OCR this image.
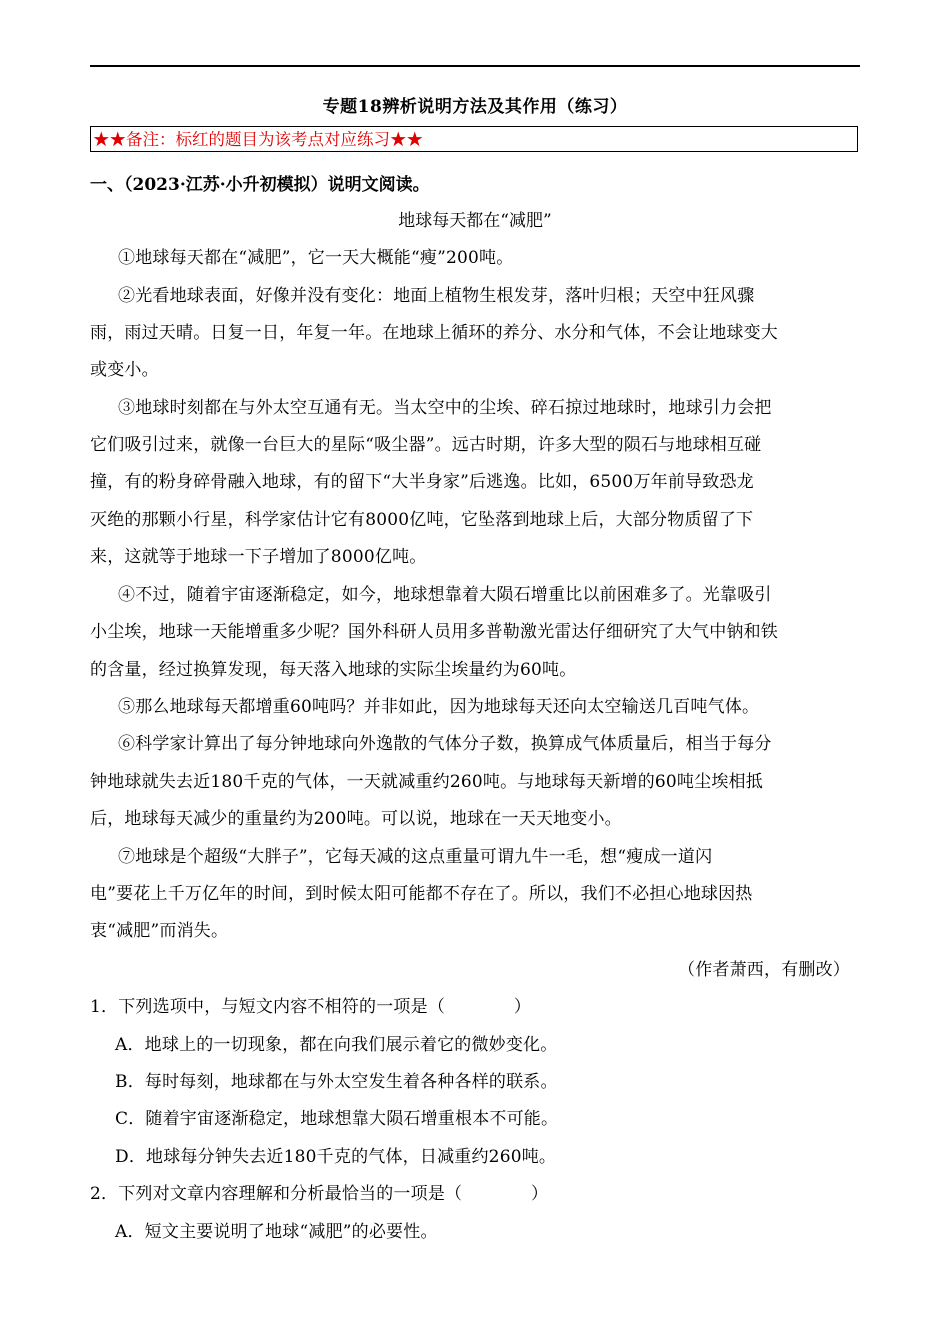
专题18辨析说明方法及其作用（练习）
★★备注：标红的题目为该考点对应练习★★
一、（2023·江苏·小升初模拟）说明文阅读。
地球每天都在“减肥”
①地球每天都在“减肥”，它一天大概能“瘦”200吨。
②光看地球表面，好像并没有变化：地面上植物生根发芽，落叶归根；天空中狂风骤
雨，雨过天晴。日复一日，年复一年。在地球上循环的养分、水分和气体，不会让地球变大
或变小。
③地球时刻都在与外太空互通有无。当太空中的尘埃、碎石掠过地球时，地球引力会把
它们吸引过来，就像一台巨大的星际“吸尘器”。远古时期，许多大型的陨石与地球相互碰
撞，有的粉身碎骨融入地球，有的留下“大半身家”后逃逸。比如，6500万年前导致恐龙
灭绝的那颗小行星，科学家估计它有8000亿吨，它坠落到地球上后，大部分物质留了下
来，这就等于地球一下子增加了8000亿吨。
④不过，随着宇宙逐渐稳定，如今，地球想靠着大陨石增重比以前困难多了。光靠吸引
小尘埃，地球一天能增重多少呢？国外科研人员用多普勒激光雷达仔细研究了大气中钠和铁
的含量，经过换算发现，每天落入地球的实际尘埃量约为60吨。
⑤那么地球每天都增重60吨吗？并非如此，因为地球每天还向太空输送几百吨气体。
⑥科学家计算出了每分钟地球向外逸散的气体分子数，换算成气体质量后，相当于每分
钟地球就失去近180千克的气体，一天就减重约260吨。与地球每天新增的60吨尘埃相抵
后，地球每天减少的重量约为200吨。可以说，地球在一天天地变小。
⑦地球是个超级“大胖子”，它每天减的这点重量可谓九牛一毛，想“瘦成一道闪
电”要花上千万亿年的时间，到时候太阳可能都不存在了。所以，我们不必担心地球因热
衷“减肥”而消失。
（作者萧西，有删改）
1．下列选项中，与短文内容不相符的一项是（　　　　）
A．地球上的一切现象，都在向我们展示着它的微妙变化。
B．每时每刻，地球都在与外太空发生着各种各样的联系。
C．随着宇宙逐渐稳定，地球想靠大陨石增重根本不可能。
D．地球每分钟失去近180千克的气体，日减重约260吨。
2．下列对文章内容理解和分析最恰当的一项是（　　　　）
A．短文主要说明了地球“减肥”的必要性。
